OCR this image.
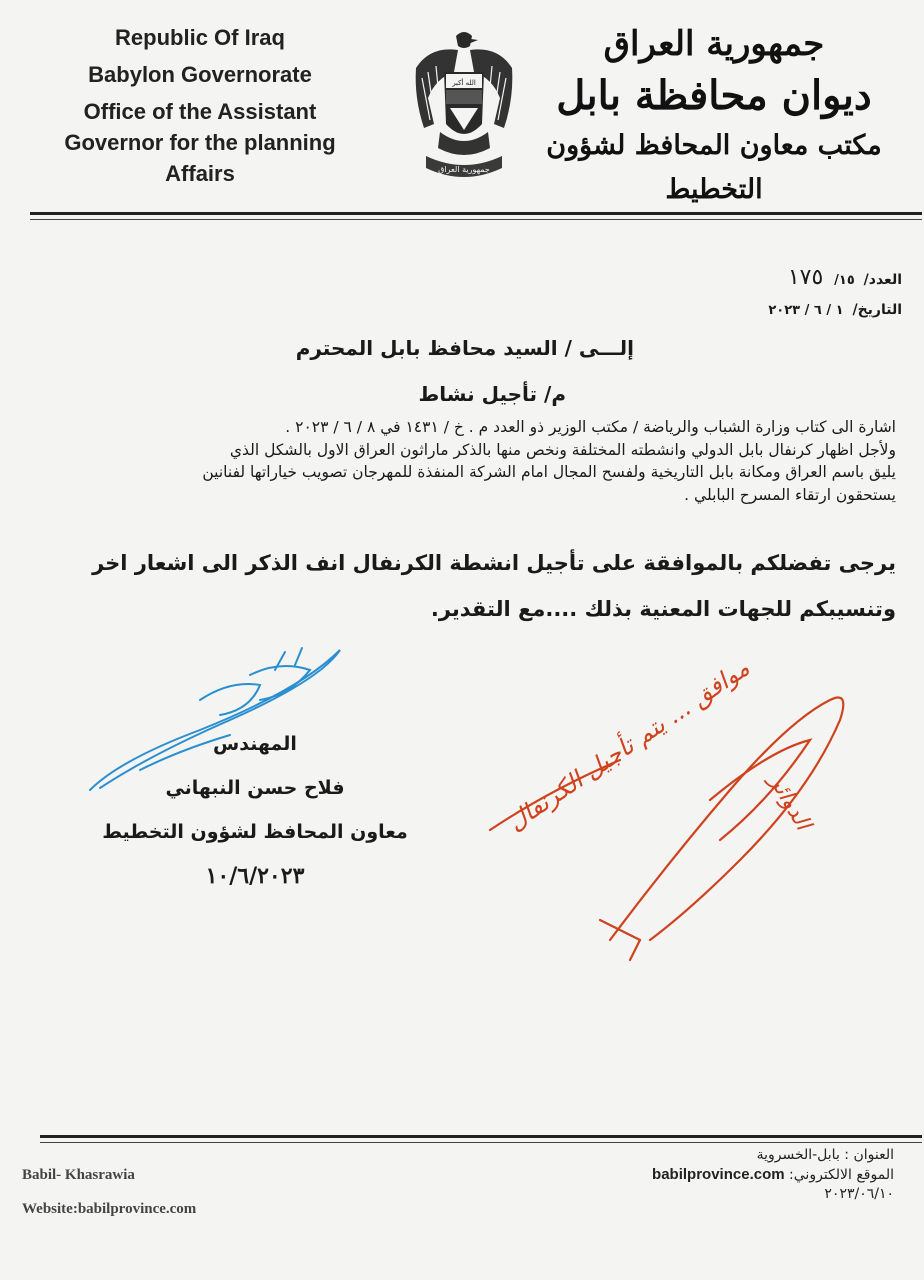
Republic Of Iraq
Babylon Governorate
Office of the Assistant
Governor for the planning
Affairs
الله أكبر
جمهورية العراق
جمهورية العراق
ديوان محافظة بابل
مكتب معاون المحافظ لشؤون التخطيط
العدد/ ١٥/ ١٧٥
التاريخ/ ١ / ٦ / ٢٠٢٣
إلـــى / السيد محافظ بابل المحترم
م/ تأجيل نشاط
اشارة الى كتاب وزارة الشباب والرياضة / مكتب الوزير ذو العدد م . خ / ١٤٣١ في ٨ / ٦ / ٢٠٢٣ .
ولأجل اظهار كرنفال بابل الدولي وانشطته المختلفة ونخص منها بالذكر ماراثون العراق الاول بالشكل الذي
يليق باسم العراق ومكانة بابل التاريخية ولفسح المجال امام الشركة المنفذة للمهرجان تصويب خياراتها لفنانين
يستحقون ارتقاء المسرح البابلي .
يرجى تفضلكم بالموافقة على تأجيل انشطة الكرنفال انف الذكر الى اشعار اخر
وتنسيبكم للجهات المعنية بذلك ....مع التقدير.
المهندس
فلاح حسن النبهاني
معاون المحافظ لشؤون التخطيط
١٠/٦/٢٠٢٣
موافق ... يتم تأجيل الكرنفال الدوائر
Babil- Khasrawia
Website:babilprovince.com
العنوان : بابل-الخسروية
الموقع الالكتروني: babilprovince.com
٢٠٢٣/٠٦/١٠
